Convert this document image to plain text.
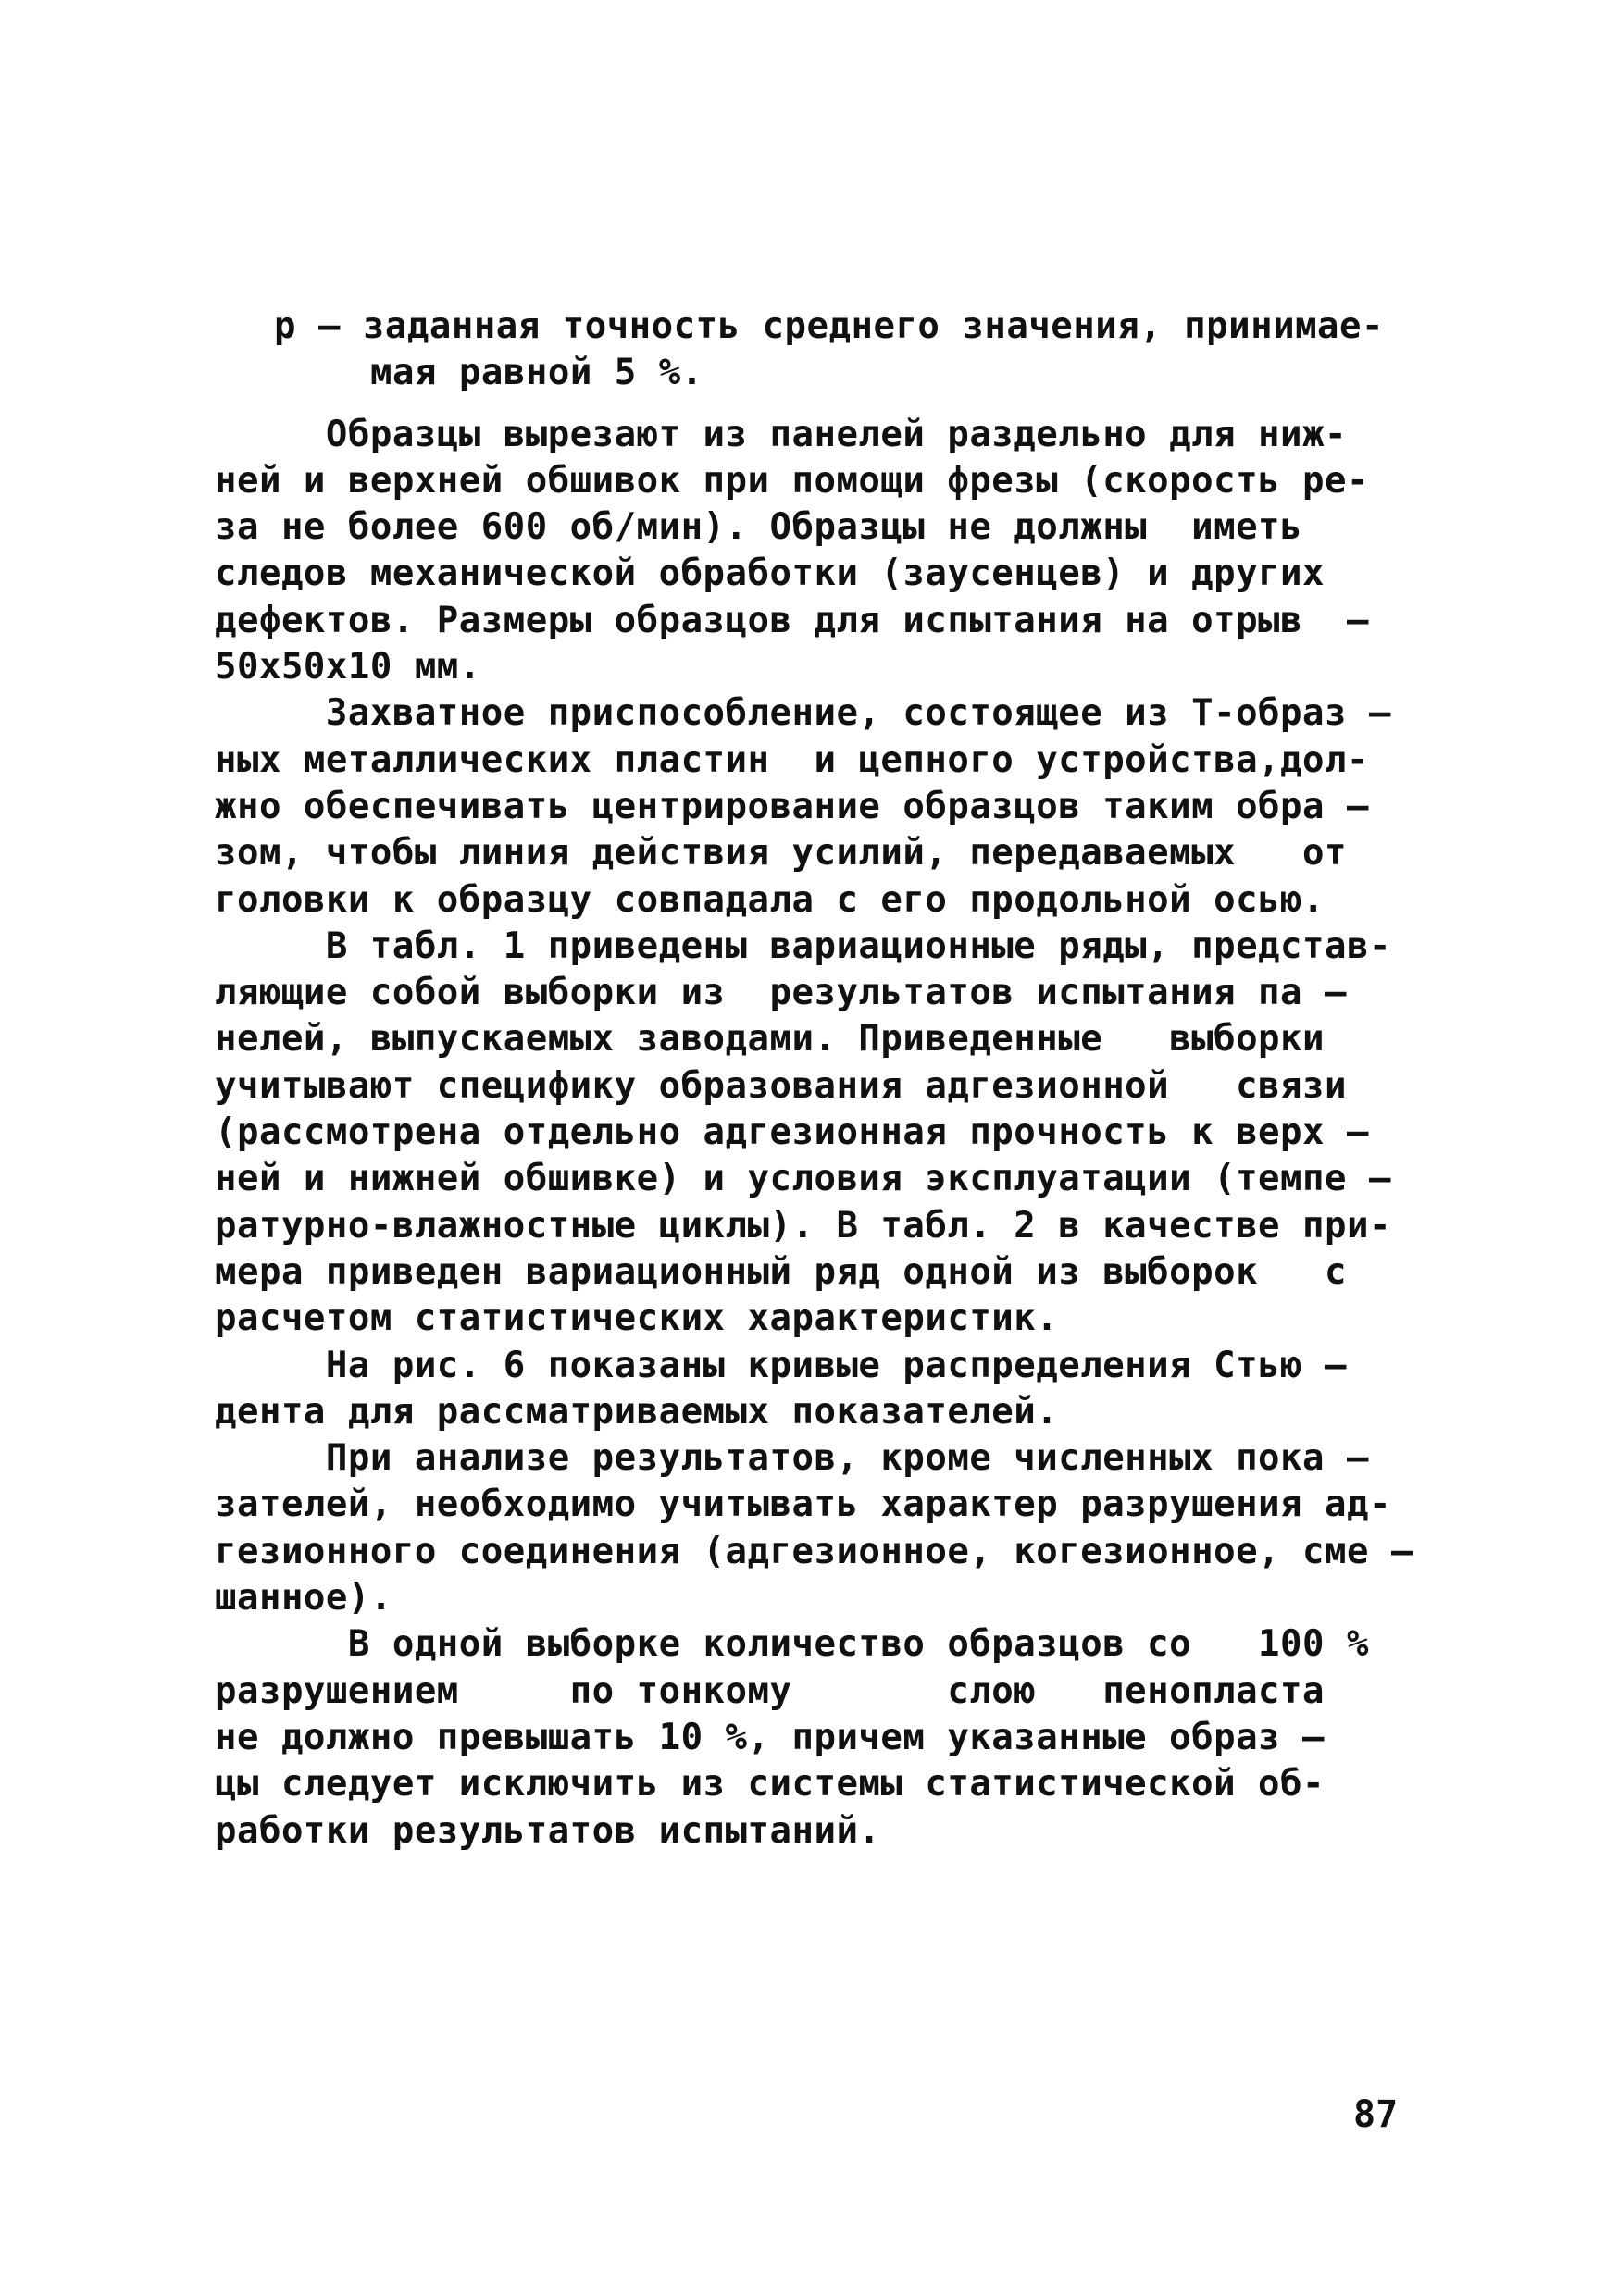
р – заданная точность среднего значения, принимае-
мая равной 5 %.
Образцы вырезают из панелей раздельно для ниж-
ней и верхней обшивок при помощи фрезы (скорость ре-
за не более 600 об/мин). Образцы не должны  иметь
следов механической обработки (заусенцев) и других
дефектов. Размеры образцов для испытания на отрыв  –
50х50х10 мм.
Захватное приспособление, состоящее из Т-образ –
ных металлических пластин  и цепного устройства,дол-
жно обеспечивать центрирование образцов таким обра –
зом, чтобы линия действия усилий, передаваемых   от
головки к образцу совпадала с его продольной осью.
В табл. 1 приведены вариационные ряды, представ-
ляющие собой выборки из  результатов испытания па –
нелей, выпускаемых заводами. Приведенные   выборки
учитывают специфику образования адгезионной   связи
(рассмотрена отдельно адгезионная прочность к верх –
ней и нижней обшивке) и условия эксплуатации (темпе –
ратурно-влажностные циклы). В табл. 2 в качестве при-
мера приведен вариационный ряд одной из выборок   с
расчетом статистических характеристик.
На рис. 6 показаны кривые распределения Стью –
дента для рассматриваемых показателей.
При анализе результатов, кроме численных пока –
зателей, необходимо учитывать характер разрушения ад-
гезионного соединения (адгезионное, когезионное, сме –
шанное).
В одной выборке количество образцов со   100 %
разрушением     по тонкому       слою   пенопласта
не должно превышать 10 %, причем указанные образ –
цы следует исключить из системы статистической об-
работки результатов испытаний.
87
